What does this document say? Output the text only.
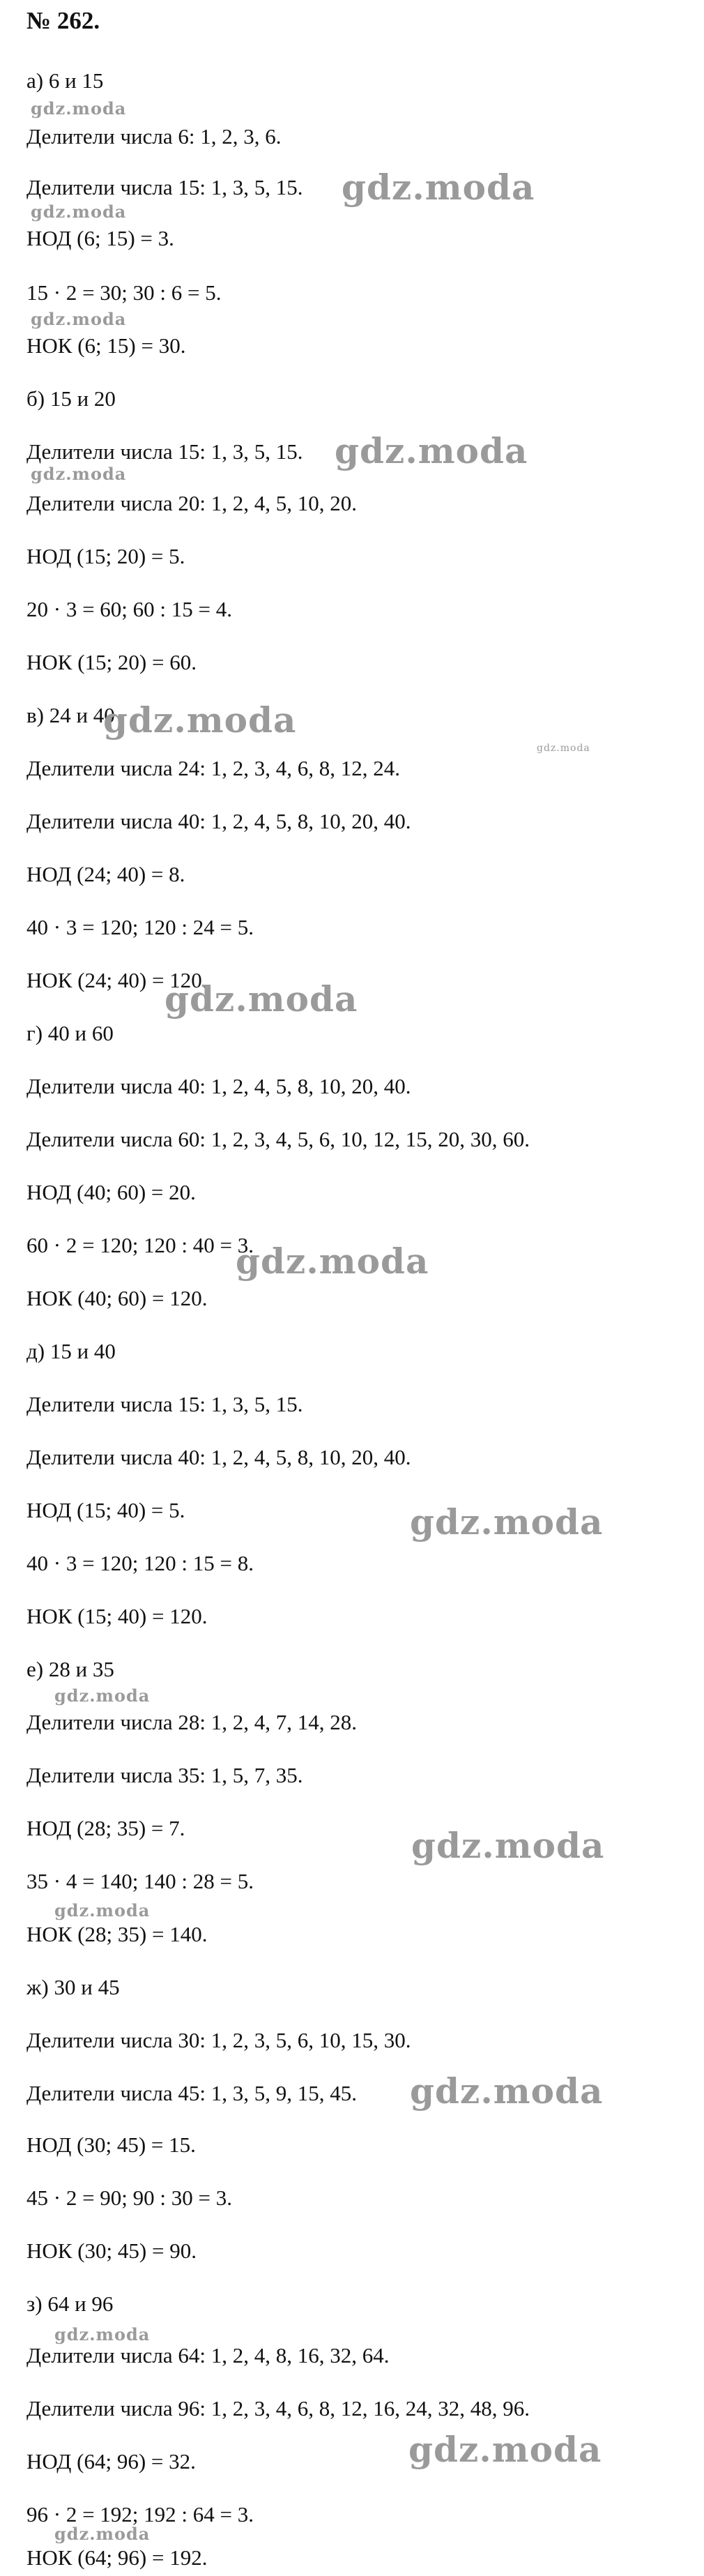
№ 262.
а) 6 и 15
Делители числа 6: 1, 2, 3, 6.
Делители числа 15: 1, 3, 5, 15.
НОД (6; 15) = 3.
15 · 2 = 30; 30 : 6 = 5.
НОК (6; 15) = 30.
б) 15 и 20
Делители числа 15: 1, 3, 5, 15.
Делители числа 20: 1, 2, 4, 5, 10, 20.
НОД (15; 20) = 5.
20 · 3 = 60; 60 : 15 = 4.
НОК (15; 20) = 60.
в) 24 и 40
Делители числа 24: 1, 2, 3, 4, 6, 8, 12, 24.
Делители числа 40: 1, 2, 4, 5, 8, 10, 20, 40.
НОД (24; 40) = 8.
40 · 3 = 120; 120 : 24 = 5.
НОК (24; 40) = 120.
г) 40 и 60
Делители числа 40: 1, 2, 4, 5, 8, 10, 20, 40.
Делители числа 60: 1, 2, 3, 4, 5, 6, 10, 12, 15, 20, 30, 60.
НОД (40; 60) = 20.
60 · 2 = 120; 120 : 40 = 3.
НОК (40; 60) = 120.
д) 15 и 40
Делители числа 15: 1, 3, 5, 15.
Делители числа 40: 1, 2, 4, 5, 8, 10, 20, 40.
НОД (15; 40) = 5.
40 · 3 = 120; 120 : 15 = 8.
НОК (15; 40) = 120.
е) 28 и 35
Делители числа 28: 1, 2, 4, 7, 14, 28.
Делители числа 35: 1, 5, 7, 35.
НОД (28; 35) = 7.
35 · 4 = 140; 140 : 28 = 5.
НОК (28; 35) = 140.
ж) 30 и 45
Делители числа 30: 1, 2, 3, 5, 6, 10, 15, 30.
Делители числа 45: 1, 3, 5, 9, 15, 45.
НОД (30; 45) = 15.
45 · 2 = 90; 90 : 30 = 3.
НОК (30; 45) = 90.
з) 64 и 96
Делители числа 64: 1, 2, 4, 8, 16, 32, 64.
Делители числа 96: 1, 2, 3, 4, 6, 8, 12, 16, 24, 32, 48, 96.
НОД (64; 96) = 32.
96 · 2 = 192; 192 : 64 = 3.
НОК (64; 96) = 192.
gdz.moda
gdz.moda
gdz.moda
gdz.moda
gdz.moda
gdz.moda
gdz.moda
gdz.moda
gdz.moda
gdz.moda
gdz.moda
gdz.moda
gdz.moda
gdz.moda
gdz.moda
gdz.moda
gdz.moda
gdz.moda
